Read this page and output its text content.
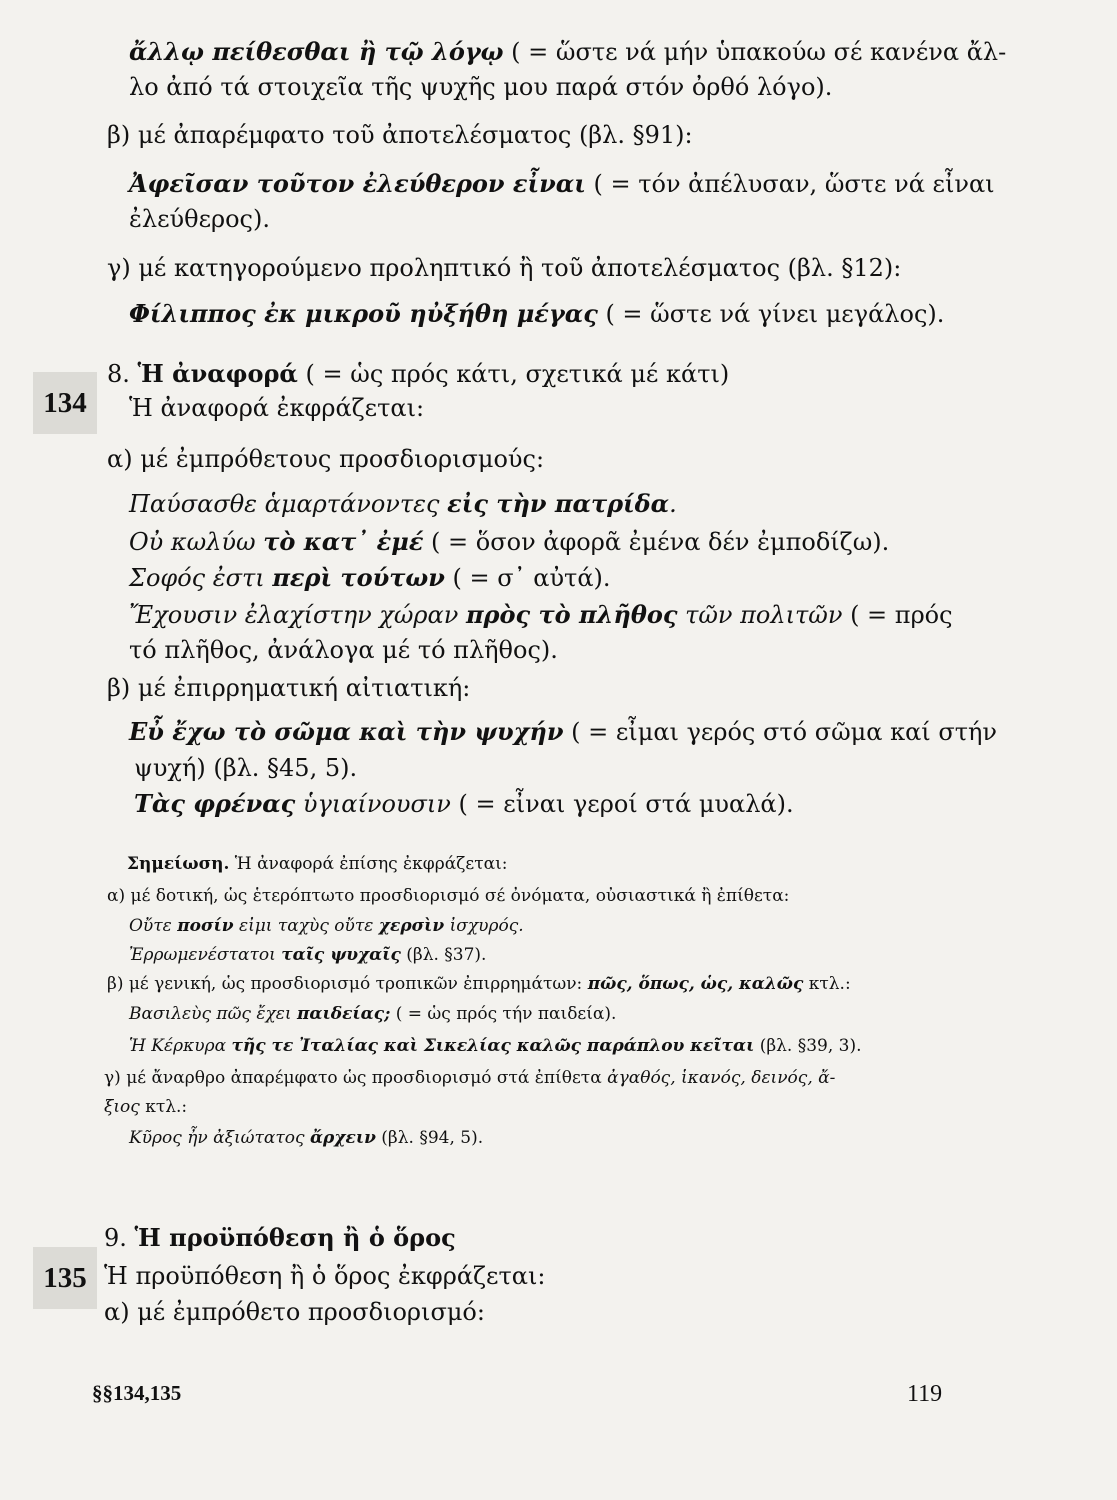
134
135
ἄλλῳ πείθεσθαι ἢ τῷ λόγῳ ( = ὥστε νά μήν ὑπακούω σέ κανένα ἄλ-
λο ἀπό τά στοιχεῖα τῆς ψυχῆς μου παρά στόν ὀρθό λόγο).
β) μέ ἀπαρέμφατο τοῦ ἀποτελέσματος (βλ. §91):
Ἀφεῖσαν τοῦτον ἐλεύθερον εἶναι ( = τόν ἀπέλυσαν, ὥστε νά εἶναι
ἐλεύθερος).
γ) μέ κατηγορούμενο προληπτικό ἢ τοῦ ἀποτελέσματος (βλ. §12):
Φίλιππος ἐκ μικροῦ ηὐξήθη μέγας ( = ὥστε νά γίνει μεγάλος).
8. Ἡ ἀναφορά ( = ὡς πρός κάτι, σχετικά μέ κάτι)
Ἡ ἀναφορά ἐκφράζεται:
α) μέ ἐμπρόθετους προσδιορισμούς:
Παύσασθε ἁμαρτάνοντες εἰς τὴν πατρίδα.
Οὐ κωλύω τὸ κατ᾽ ἐμέ ( = ὅσον ἀφορᾶ ἐμένα δέν ἐμποδίζω).
Σοφός ἐστι περὶ τούτων ( = σ᾽ αὐτά).
Ἔχουσιν ἐλαχίστην χώραν πρὸς τὸ πλῆθος τῶν πολιτῶν ( = πρός
τό πλῆθος, ἀνάλογα μέ τό πλῆθος).
β) μέ ἐπιρρηματική αἰτιατική:
Εὖ ἔχω τὸ σῶμα καὶ τὴν ψυχήν ( = εἶμαι γερός στό σῶμα καί στήν
ψυχή) (βλ. §45, 5).
Τὰς φρένας ὑγιαίνουσιν ( = εἶναι γεροί στά μυαλά).
Σημείωση. Ἡ ἀναφορά ἐπίσης ἐκφράζεται:
α) μέ δοτική, ὡς ἑτερόπτωτο προσδιορισμό σέ ὀνόματα, οὐσιαστικά ἢ ἐπίθετα:
Οὔτε ποσίν εἰμι ταχὺς οὔτε χερσὶν ἰσχυρός.
Ἐρρωμενέστατοι ταῖς ψυχαῖς (βλ. §37).
β) μέ γενική, ὡς προσδιορισμό τροπικῶν ἐπιρρημάτων: πῶς, ὅπως, ὡς, καλῶς κτλ.:
Βασιλεὺς πῶς ἔχει παιδείας; ( = ὡς πρός τήν παιδεία).
Ἡ Κέρκυρα τῆς τε Ἰταλίας καὶ Σικελίας καλῶς παράπλου κεῖται (βλ. §39, 3).
γ) μέ ἄναρθρο ἀπαρέμφατο ὡς προσδιορισμό στά ἐπίθετα ἀγαθός, ἱκανός, δεινός, ἄ-
ξιος κτλ.:
Κῦρος ἦν ἀξιώτατος ἄρχειν (βλ. §94, 5).
9. Ἡ προϋπόθεση ἢ ὁ ὅρος
Ἡ προϋπόθεση ἢ ὁ ὅρος ἐκφράζεται:
α) μέ ἐμπρόθετο προσδιορισμό:
§§134,135	119
